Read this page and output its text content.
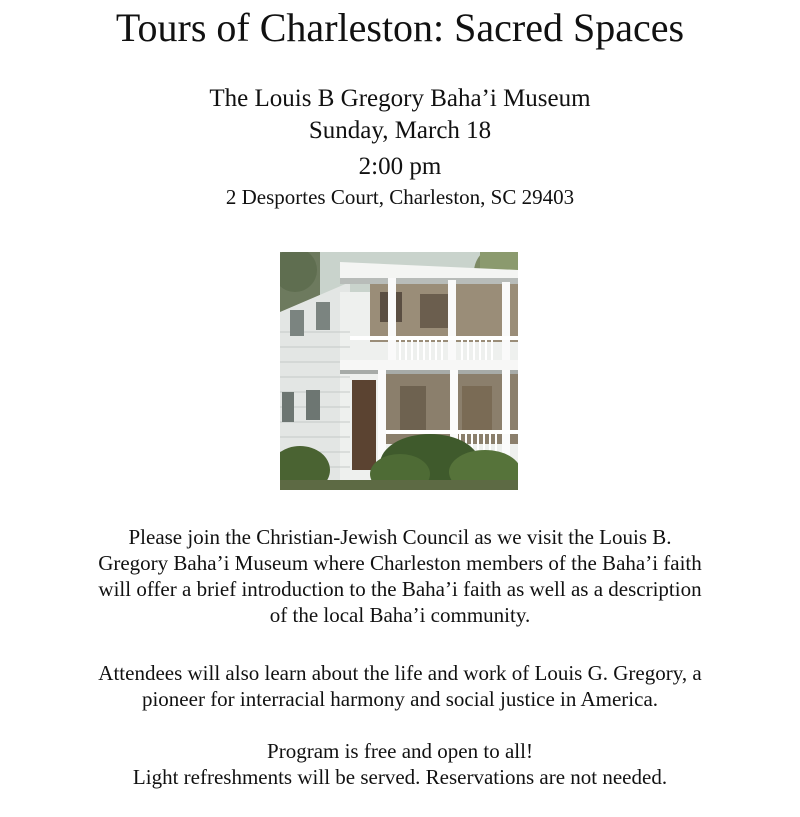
Tours of Charleston: Sacred Spaces
The Louis B Gregory Baha’i Museum
Sunday, March 18
2:00 pm
2 Desportes Court, Charleston, SC 29403
Please join the Christian-Jewish Council as we visit the Louis B.
Gregory Baha’i Museum where Charleston members of the Baha’i faith
will offer a brief introduction to the Baha’i faith as well as a description
of the local Baha’i community.
Attendees will also learn about the life and work of Louis G. Gregory, a
pioneer for interracial harmony and social justice in America.
Program is free and open to all!
Light refreshments will be served. Reservations are not needed.
